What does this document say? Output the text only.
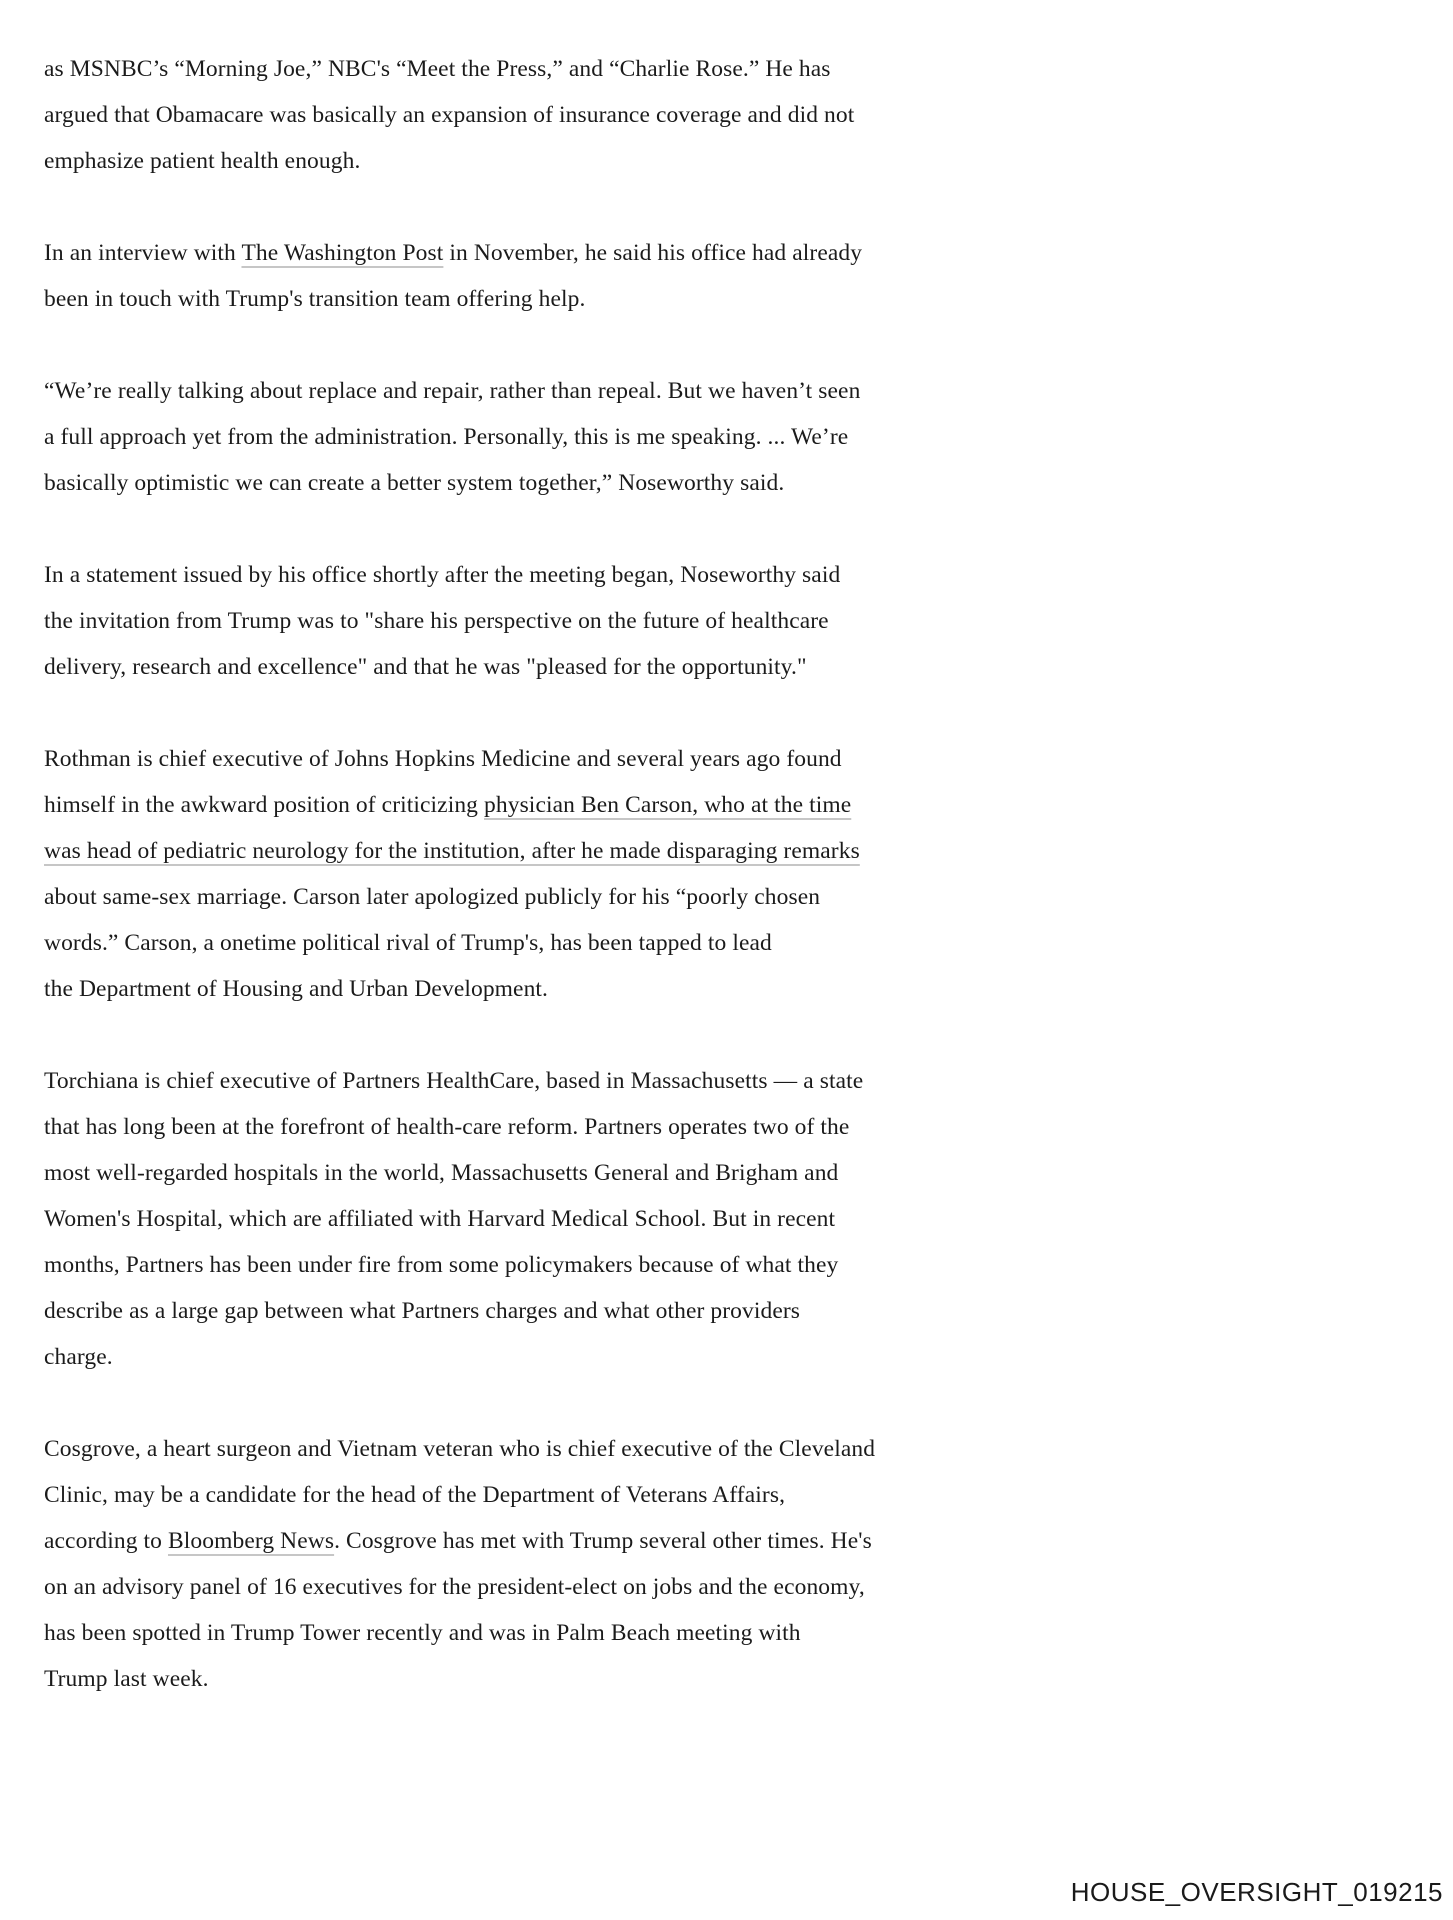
as MSNBC’s “Morning Joe,” NBC's “Meet the Press,” and “Charlie Rose.” He has
argued that Obamacare was basically an expansion of insurance coverage and did not
emphasize patient health enough.

In an interview with The Washington Post in November, he said his office had already
been in touch with Trump's transition team offering help.

“We’re really talking about replace and repair, rather than repeal. But we haven’t seen
a full approach yet from the administration. Personally, this is me speaking. ... We’re
basically optimistic we can create a better system together,” Noseworthy said.

In a statement issued by his office shortly after the meeting began, Noseworthy said
the invitation from Trump was to "share his perspective on the future of healthcare
delivery, research and excellence" and that he was "pleased for the opportunity."

Rothman is chief executive of Johns Hopkins Medicine and several years ago found
himself in the awkward position of criticizing physician Ben Carson, who at the time
was head of pediatric neurology for the institution, after he made disparaging remarks
about same-sex marriage. Carson later apologized publicly for his “poorly chosen
words.” Carson, a onetime political rival of Trump's, has been tapped to lead
the Department of Housing and Urban Development.

Torchiana is chief executive of Partners HealthCare, based in Massachusetts — a state
that has long been at the forefront of health-care reform. Partners operates two of the
most well-regarded hospitals in the world, Massachusetts General and Brigham and
Women's Hospital, which are affiliated with Harvard Medical School. But in recent
months, Partners has been under fire from some policymakers because of what they
describe as a large gap between what Partners charges and what other providers
charge.

Cosgrove, a heart surgeon and Vietnam veteran who is chief executive of the Cleveland
Clinic, may be a candidate for the head of the Department of Veterans Affairs,
according to Bloomberg News. Cosgrove has met with Trump several other times. He's
on an advisory panel of 16 executives for the president-elect on jobs and the economy,
has been spotted in Trump Tower recently and was in Palm Beach meeting with
Trump last week.

HOUSE_OVERSIGHT_019215
